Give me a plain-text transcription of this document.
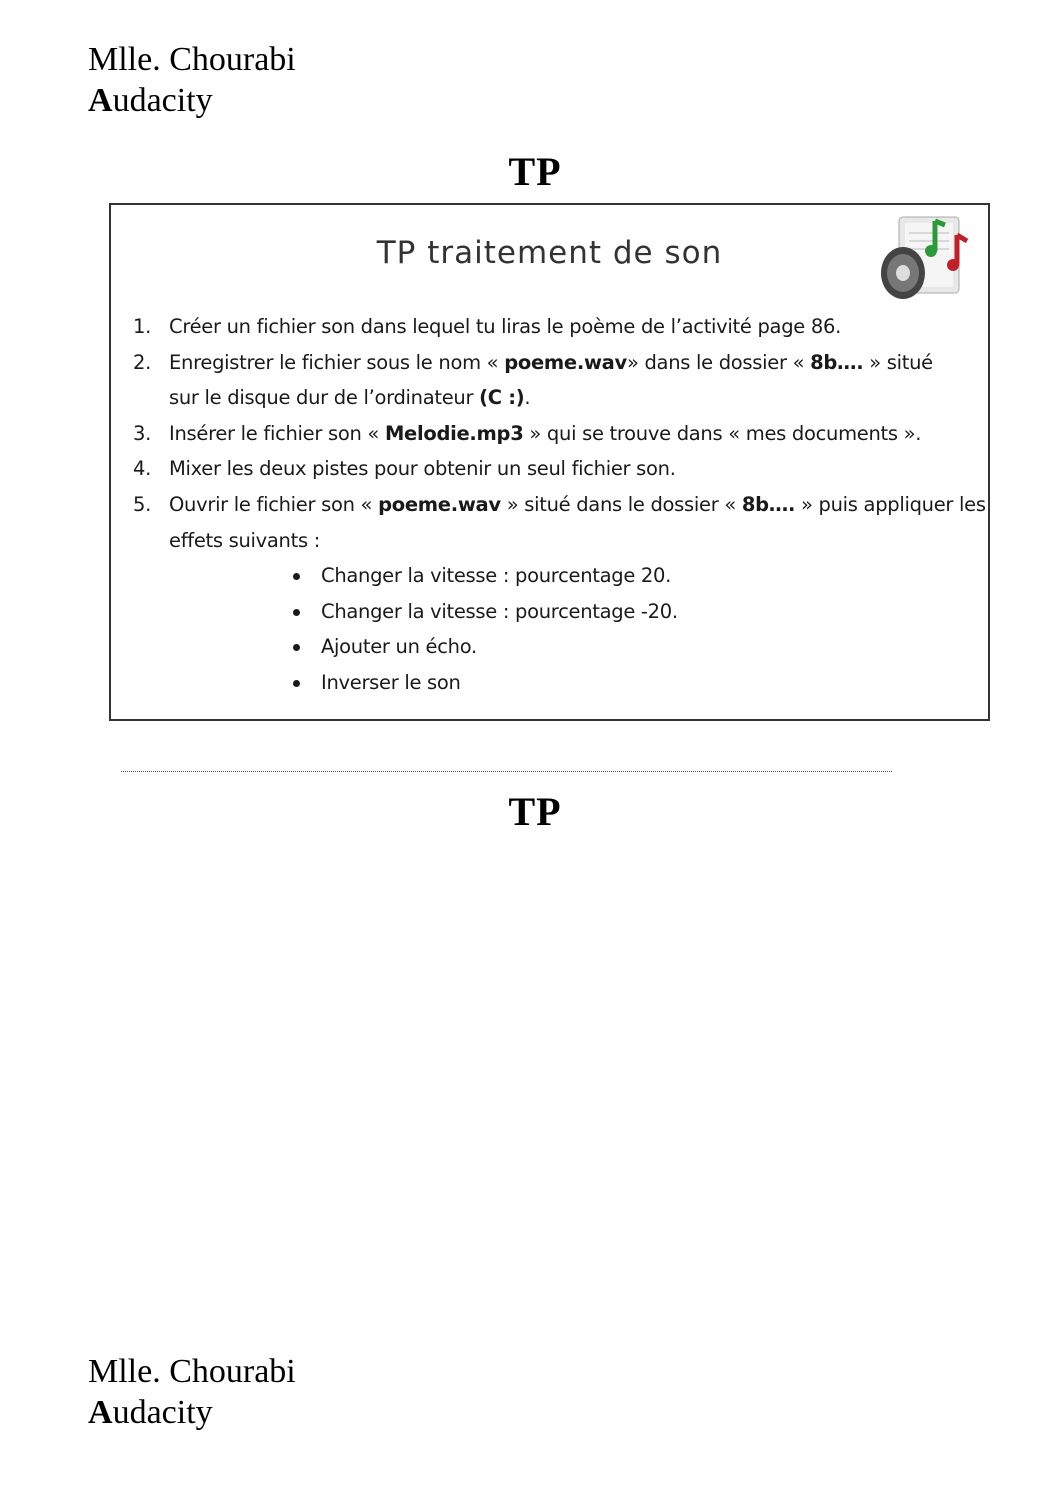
Mlle. Chourabi
Audacity
TP
TP traitement de son
1. Créer un fichier son dans lequel tu liras le poème de l’activité page 86.
2. Enregistrer le fichier sous le nom « poeme.wav» dans le dossier « 8b…. » situé
sur le disque dur de l’ordinateur (C :).
3. Insérer le fichier son « Melodie.mp3 » qui se trouve dans « mes documents ».
4. Mixer les deux pistes pour obtenir un seul fichier son.
5. Ouvrir le fichier son « poeme.wav » situé dans le dossier « 8b…. » puis appliquer les
effets suivants :
Changer la vitesse : pourcentage 20.
Changer la vitesse : pourcentage -20.
Ajouter un écho.
Inverser le son
TP
Mlle. Chourabi
Audacity
